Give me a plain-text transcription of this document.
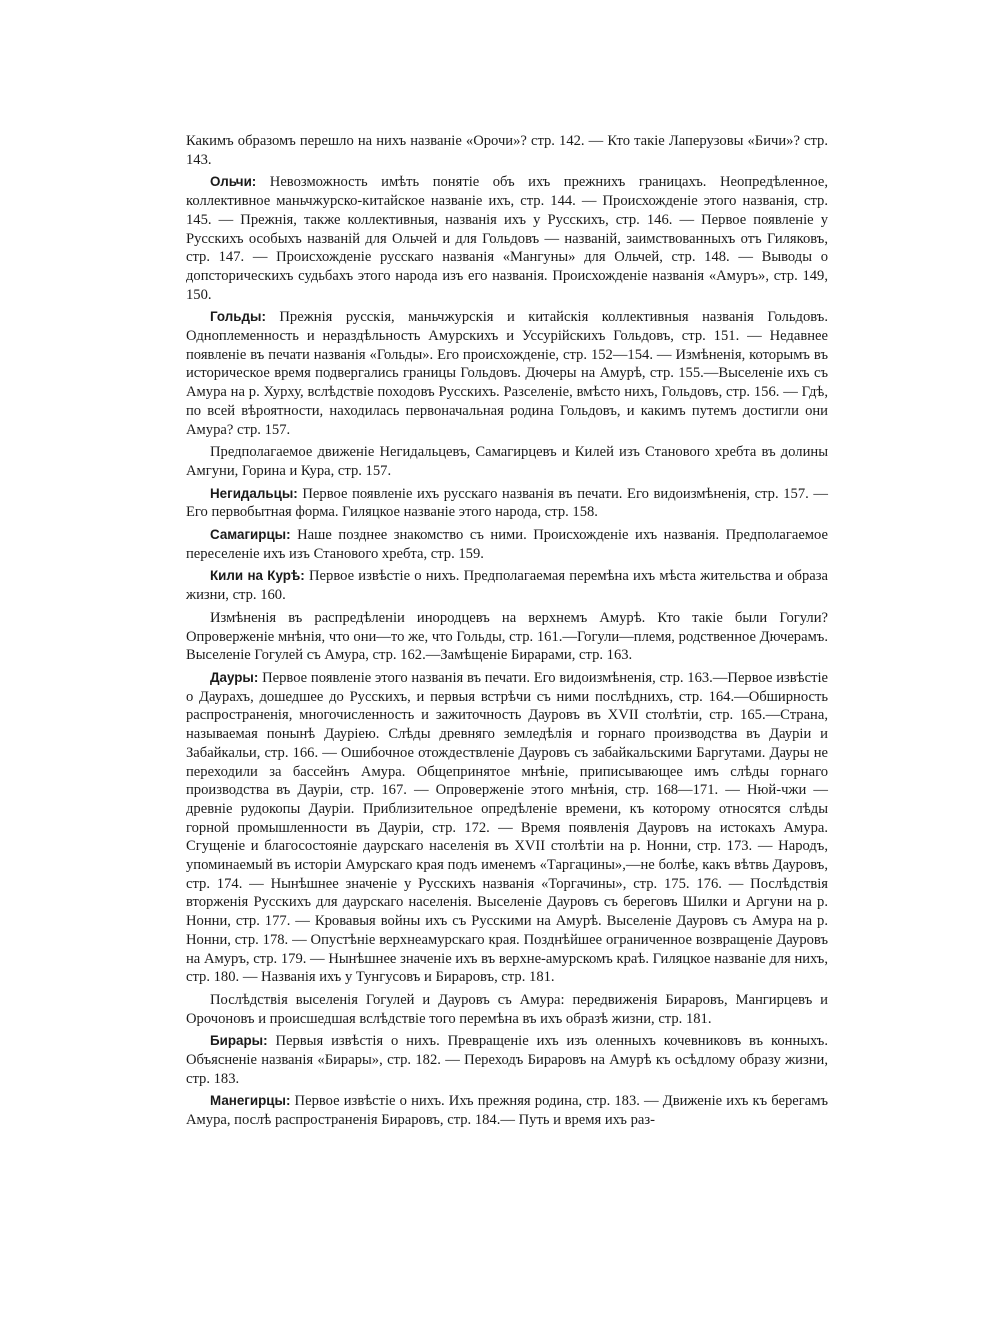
Какимъ образомъ перешло на нихъ названіе «Орочи»? стр. 142. — Кто такіе Лаперузовы «Бичи»? стр. 143.

Ольчи: Невозможность имѣть понятіе объ ихъ прежнихъ границахъ. Неопредѣленное, коллективное маньчжурско-китайское названіе ихъ, стр. 144. — Происхожденіе этого названія, стр. 145. — Прежнія, также коллективныя, названія ихъ у Русскихъ, стр. 146. — Первое появленіе у Русскихъ особыхъ названій для Ольчей и для Гольдовъ — названій, заимствованныхъ отъ Гиляковъ, стр. 147. — Происхожденіе русскаго названія «Мангуны» для Ольчей, стр. 148. — Выводы о допсторическихъ судьбахъ этого народа изъ его названія. Происхожденіе названія «Амуръ», стр. 149, 150.

Гольды: Прежнія русскія, маньчжурскія и китайскія коллективныя названія Гольдовъ. Одноплеменность и нераздѣльность Амурскихъ и Уссурійскихъ Гольдовъ, стр. 151. — Недавнее появленіе въ печати названія «Гольды». Его происхожденіе, стр. 152—154. — Измѣненія, которымъ въ историческое время подвергались границы Гольдовъ. Дючеры на Амурѣ, стр. 155.—Выселеніе ихъ съ Амура на р. Хурху, вслѣдствіе походовъ Русскихъ. Разселеніе, вмѣсто нихъ, Гольдовъ, стр. 156. — Гдѣ, по всей вѣроятности, находилась первоначальная родина Гольдовъ, и какимъ путемъ достигли они Амура? стр. 157.

Предполагаемое движеніе Негидальцевъ, Самагирцевъ и Килей изъ Станового хребта въ долины Амгуни, Горина и Кура, стр. 157.

Негидальцы: Первое появленіе ихъ русскаго названія въ печати. Его видоизмѣненія, стр. 157. — Его первобытная форма. Гиляцкое названіе этого народа, стр. 158.

Самагирцы: Наше позднее знакомство съ ними. Происхожденіе ихъ названія. Предполагаемое переселеніе ихъ изъ Станового хребта, стр. 159.

Кили на Курѣ: Первое извѣстіе о нихъ. Предполагаемая перемѣна ихъ мѣста жительства и образа жизни, стр. 160.

Измѣненія въ распредѣленіи инородцевъ на верхнемъ Амурѣ. Кто такіе были Гогули? Опроверженіе мнѣнія, что они—то же, что Гольды, стр. 161.—Гогули—племя, родственное Дючерамъ. Выселеніе Гогулей съ Амура, стр. 162.—Замѣщеніе Бирарами, стр. 163.

Дауры: Первое появленіе этого названія въ печати. Его видоизмѣненія, стр. 163.—Первое извѣстіе о Даурахъ, дошедшее до Русскихъ, и первыя встрѣчи съ ними послѣднихъ, стр. 164.—Обширность распространенія, многочисленность и зажиточность Дауровъ въ XVII столѣтіи, стр. 165.—Страна, называемая понынѣ Дауріею. Слѣды древняго земледѣлія и горнаго производства въ Дауріи и Забайкальи, стр. 166. — Ошибочное отождествленіе Дауровъ съ забайкальскими Баргутами. Дауры не переходили за бассейнъ Амура. Общепринятое мнѣніе, приписывающее имъ слѣды горнаго производства въ Дауріи, стр. 167. — Опроверженіе этого мнѣнія, стр. 168—171. — Нюй-чжи — древніе рудокопы Дауріи. Приблизительное опредѣленіе времени, къ которому относятся слѣды горной промышленности въ Дауріи, стр. 172. — Время появленія Дауровъ на истокахъ Амура. Сгущеніе и благосостояніе даурскаго населенія въ XVII столѣтіи на р. Нонни, стр. 173. — Народъ, упоминаемый въ исторіи Амурскаго края подъ именемъ «Таргацины»,—не болѣе, какъ вѣтвь Дауровъ, стр. 174. — Нынѣшнее значеніе у Русскихъ названія «Торгачины», стр. 175. 176. — Послѣдствія вторженія Русскихъ для даурскаго населенія. Выселеніе Дауровъ съ береговъ Шилки и Аргуни на р. Нонни, стр. 177. — Кровавыя войны ихъ съ Русскими на Амурѣ. Выселеніе Дауровъ съ Амура на р. Нонни, стр. 178. — Опустѣніе верхнеамурскаго края. Позднѣйшее ограниченное возвращеніе Дауровъ на Амуръ, стр. 179. — Нынѣшнее значеніе ихъ въ верхне-амурскомъ краѣ. Гиляцкое названіе для нихъ, стр. 180. — Названія ихъ у Тунгусовъ и Бираровъ, стр. 181.

Послѣдствія выселенія Гогулей и Дауровъ съ Амура: передвиженія Бираровъ, Мангирцевъ и Орочоновъ и происшедшая вслѣдствіе того перемѣна въ ихъ образѣ жизни, стр. 181.

Бирары: Первыя извѣстія о нихъ. Превращеніе ихъ изъ оленныхъ кочевниковъ въ конныхъ. Объясненіе названія «Бирары», стр. 182. — Переходъ Бираровъ на Амурѣ къ осѣдлому образу жизни, стр. 183.

Манегирцы: Первое извѣстіе о нихъ. Ихъ прежняя родина, стр. 183. — Движеніе ихъ къ берегамъ Амура, послѣ распространенія Бираровъ, стр. 184.— Путь и время ихъ раз-
